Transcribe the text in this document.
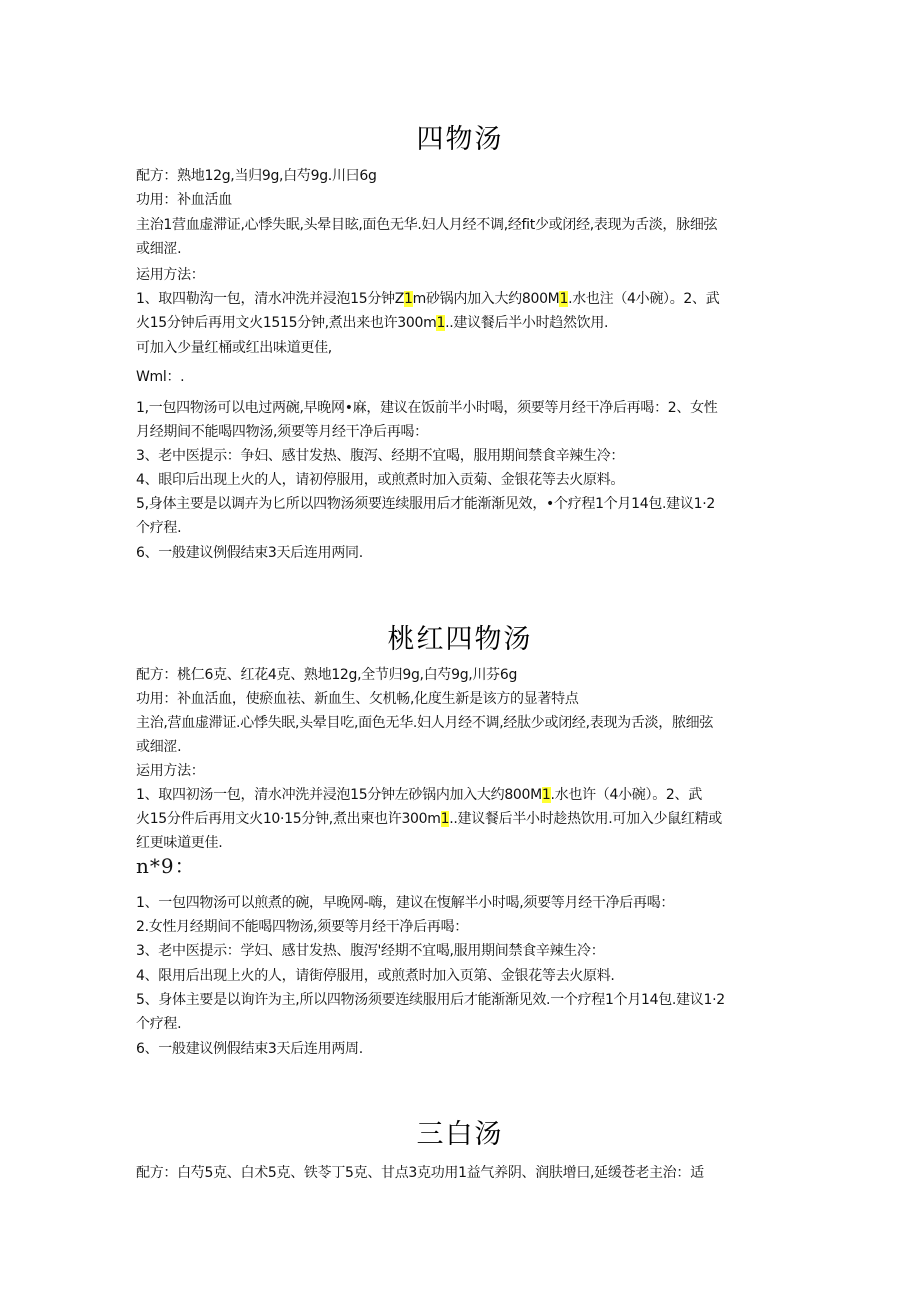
四物汤
配方：熟地12g,当归9g,白芍9g.川曰6g
功用：补血活血
主治1营血虚滞证,心悸失眠,头晕目眩,面色无华.妇人月经不调,经fit少或闭经,表现为舌淡，脉细弦
或细涩.
运用方法：
1、取四勒沟一包，清水冲洗并浸泡15分钟Z1m砂锅内加入大约800M1.水也注（4小碗）。2、武
火15分钟后再用文火1515分钟,煮出来也许300m1..建议餐后半小时趋然饮用.
可加入少量红桶或红出味道更佳,
Wml：.
1,一包四物汤可以电过两碗,早晚网•麻，建议在饭前半小时喝，须要等月经干净后再喝：2、女性
月经期间不能喝四物汤,须要等月经干净后再喝：
3、老中医提示：争妇、感甘发热、腹泻、经期不宜喝，服用期间禁食辛辣生冷：
4、眼印后出现上火的人，请初停服用，或煎煮时加入贡菊、金银花等去火原料。
5,身体主要是以调卉为匕所以四物汤须要连续服用后才能渐渐见效，•个疗程1个月14包.建议1·2
个疗程.
6、一般建议例假结束3天后连用两同.
桃红四物汤
配方：桃仁6克、红花4克、熟地12g,全节归9g,白芍9g,川芬6g
功用：补血活血，使瘀血祛、新血生、攵机畅,化度生新是该方的显著特点
主治,营血虚滞证.心悸失眠,头晕目吃,面色无华.妇人月经不调,经肽少或闭经,表现为舌淡，脓细弦
或细涩.
运用方法：
1、取四初汤一包，清水冲洗并浸泡15分钟左砂锅内加入大约800M1.水也许（4小碗）。2、武
火15分件后再用文火10·15分钟,煮出柬也许300m1..建议餐后半小时趁热饮用.可加入少鼠红精或
红更味道更佳.
n*9：
1、一包四物汤可以煎煮的碗，早晚网-嗨，建议在愎解半小时喝,须要等月经干净后再喝：
2.女性月经期间不能喝四物汤,须要等月经干净后再喝：
3、老中医提示：学妇、感甘发热、腹泻'经期不宜喝,服用期间禁食辛辣生冷：
4、限用后出现上火的人，请街停服用，或煎煮时加入页第、金银花等去火原料.
5、身体主要是以询许为主,所以四物汤须要连续服用后才能渐渐见效.一个疗程1个月14包.建议1·2
个疗程.
6、一般建议例假结束3天后连用两周.
三白汤
配方：白芍5克、白术5克、铁苓丁5克、甘点3克功用1益气养阴、润肤增曰,延缓苍老主治：适
